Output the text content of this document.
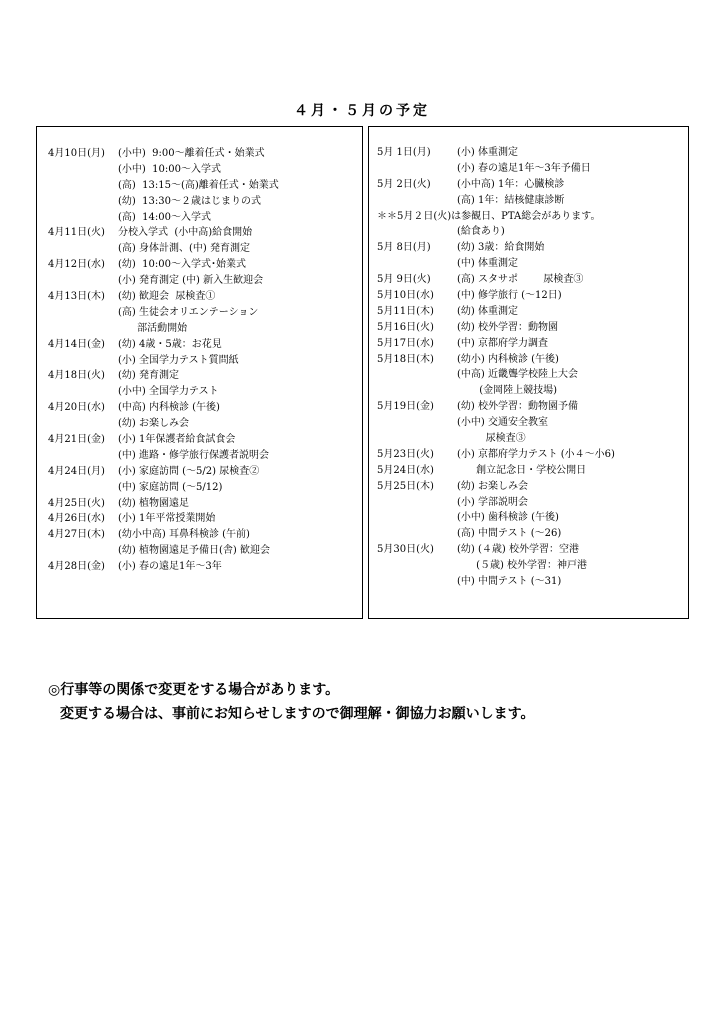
４月・５月の予定
4月10日(月)	(小中)  9:00～離着任式・始業式
(小中)  10:00～入学式
(高)  13:15～(高)離着任式・始業式
(幼)  13:30～２歳はじまりの式
(高)  14:00～入学式
4月11日(火)	分校入学式  (小中高)給食開始
(高) 身体計測、(中) 発育測定
4月12日(水)	(幼)  10:00～入学式･始業式
(小) 発育測定 (中) 新入生歓迎会
4月13日(木)	(幼) 歓迎会  尿検査①
(高) 生徒会オリエンテーション
部活動開始
4月14日(金)	(幼) 4歳・5歳：お花見
(小) 全国学力テスト質問紙
4月18日(火)	(幼) 発育測定
(小中) 全国学力テスト
4月20日(水)	(中高) 内科検診 (午後)
(幼) お楽しみ会
4月21日(金)	(小) 1年保護者給食試食会
(中) 進路・修学旅行保護者説明会
4月24日(月)	(小) 家庭訪問 (～5/2) 尿検査②
(中) 家庭訪問 (～5/12)
4月25日(火)	(幼) 植物園遠足
4月26日(水)	(小) 1年平常授業開始
4月27日(木)	(幼小中高) 耳鼻科検診 (午前)
(幼) 植物園遠足予備日(舎) 歓迎会
4月28日(金)	(小) 春の遠足1年～3年
5月 1日(月)	(小) 体重測定
(小) 春の遠足1年～3年予備日
5月 2日(火)	(小中高) 1年：心臓検診
(高) 1年：結核健康診断
＊＊5月２日(火)は参観日、PTA総会があります。
(給食あり)
5月 8日(月)	(幼) 3歳：給食開始
(中) 体重測定
5月 9日(火)	(高) スタサポ        尿検査③
5月10日(水)	(中) 修学旅行 (～12日)
5月11日(木)	(幼) 体重測定
5月16日(火)	(幼) 校外学習：動物園
5月17日(水)	(中) 京都府学力調査
5月18日(木)	(幼小) 内科検診 (午後)
(中高) 近畿聾学校陸上大会
(金岡陸上競技場)
5月19日(金)	(幼) 校外学習：動物園予備
(小中) 交通安全教室
尿検査③
5月23日(火)	(小) 京都府学力テスト (小４～小6)
5月24日(水)	創立記念日・学校公開日
5月25日(木)	(幼) お楽しみ会
(小) 学部説明会
(小中) 歯科検診 (午後)
(高) 中間テスト (～26)
5月30日(火)	(幼) (４歳) 校外学習：空港
(５歳) 校外学習：神戸港
(中) 中間テスト (～31)
◎行事等の関係で変更をする場合があります。
変更する場合は、事前にお知らせしますので御理解・御協力お願いします。
